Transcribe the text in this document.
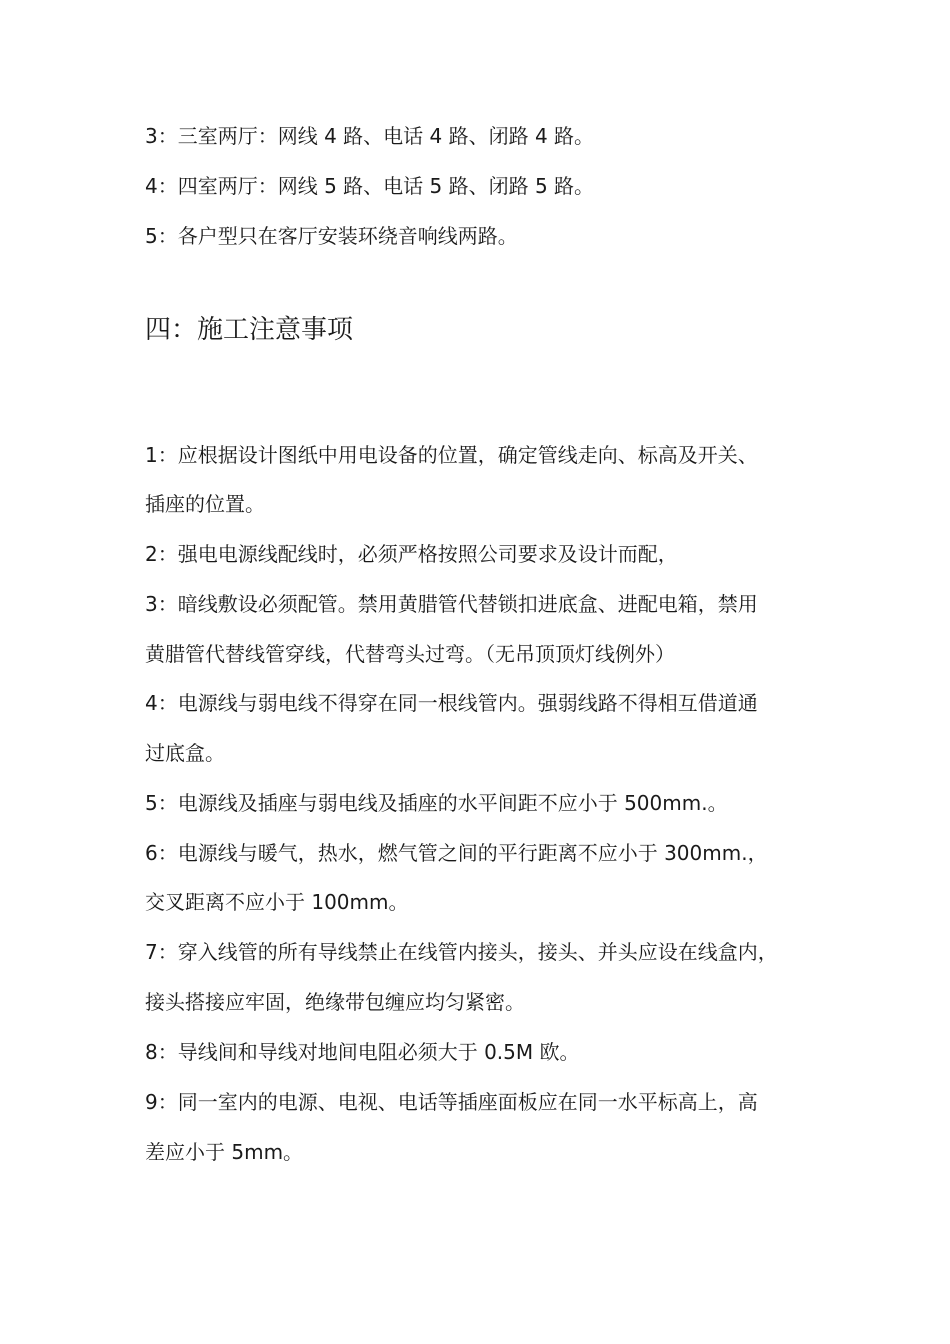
3：三室两厅：网线 4 路、电话 4 路、闭路 4 路。
4：四室两厅：网线 5 路、电话 5 路、闭路 5 路。
5：各户型只在客厅安装环绕音响线两路。
四：施工注意事项
1：应根据设计图纸中用电设备的位置，确定管线走向、标高及开关、
插座的位置。
2：强电电源线配线时，必须严格按照公司要求及设计而配，
3：暗线敷设必须配管。禁用黄腊管代替锁扣进底盒、进配电箱，禁用
黄腊管代替线管穿线，代替弯头过弯。（无吊顶顶灯线例外）
4：电源线与弱电线不得穿在同一根线管内。强弱线路不得相互借道通
过底盒。
5：电源线及插座与弱电线及插座的水平间距不应小于 500mm.。
6：电源线与暖气，热水，燃气管之间的平行距离不应小于 300mm.，
交叉距离不应小于 100mm。
7：穿入线管的所有导线禁止在线管内接头，接头、并头应设在线盒内，
接头搭接应牢固，绝缘带包缠应均匀紧密。
8：导线间和导线对地间电阻必须大于 0.5M 欧。
9：同一室内的电源、电视、电话等插座面板应在同一水平标高上，高
差应小于 5mm。
